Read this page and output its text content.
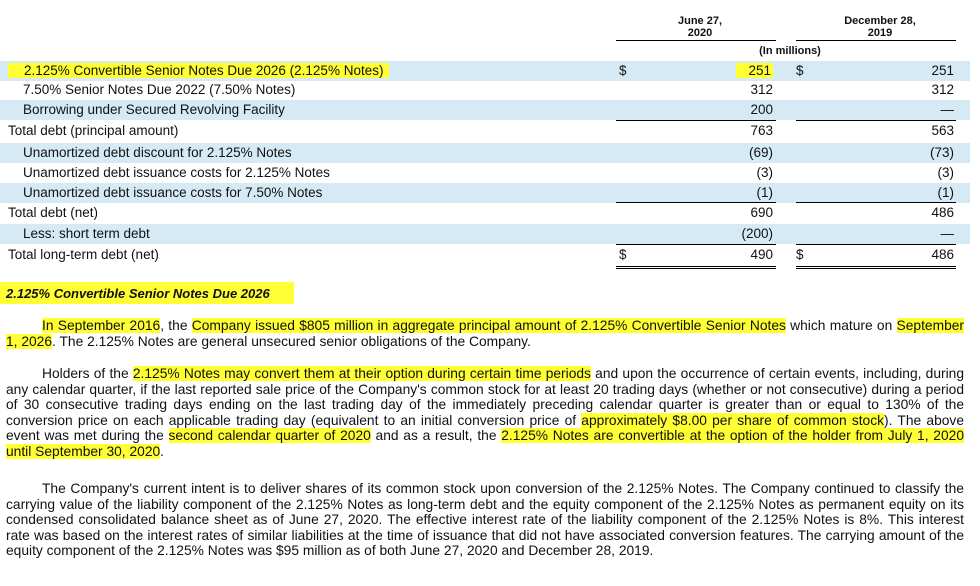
June 27,
2020
December 28,
2019
(In millions)
2.125% Convertible Senior Notes Due 2026 (2.125% Notes)	$	251 $	251
7.50% Senior Notes Due 2022 (7.50% Notes)	312	312
Borrowing under Secured Revolving Facility	200	—
Total debt (principal amount)	763	563
Unamortized debt discount for 2.125% Notes	(69)	(73)
Unamortized debt issuance costs for 2.125% Notes	(3)	(3)
Unamortized debt issuance costs for 7.50% Notes	(1)	(1)
Total debt (net)	690	486
Less: short term debt	(200)	—
Total long-term debt (net)	$	490 $	486
2.125% Convertible Senior Notes Due 2026
In September 2016, the Company issued $805 million in aggregate principal amount of 2.125% Convertible Senior Notes which mature on September 1, 2026. The 2.125% Notes are general unsecured senior obligations of the Company.
Holders of the 2.125% Notes may convert them at their option during certain time periods and upon the occurrence of certain events, including, during any calendar quarter, if the last reported sale price of the Company's common stock for at least 20 trading days (whether or not consecutive) during a period of 30 consecutive trading days ending on the last trading day of the immediately preceding calendar quarter is greater than or equal to 130% of the conversion price on each applicable trading day (equivalent to an initial conversion price of approximately $8.00 per share of common stock). The above event was met during the second calendar quarter of 2020 and as a result, the 2.125% Notes are convertible at the option of the holder from July 1, 2020 until September 30, 2020.
The Company's current intent is to deliver shares of its common stock upon conversion of the 2.125% Notes. The Company continued to classify the carrying value of the liability component of the 2.125% Notes as long-term debt and the equity component of the 2.125% Notes as permanent equity on its condensed consolidated balance sheet as of June 27, 2020. The effective interest rate of the liability component of the 2.125% Notes is 8%. This interest rate was based on the interest rates of similar liabilities at the time of issuance that did not have associated conversion features. The carrying amount of the equity component of the 2.125% Notes was $95 million as of both June 27, 2020 and December 28, 2019.
